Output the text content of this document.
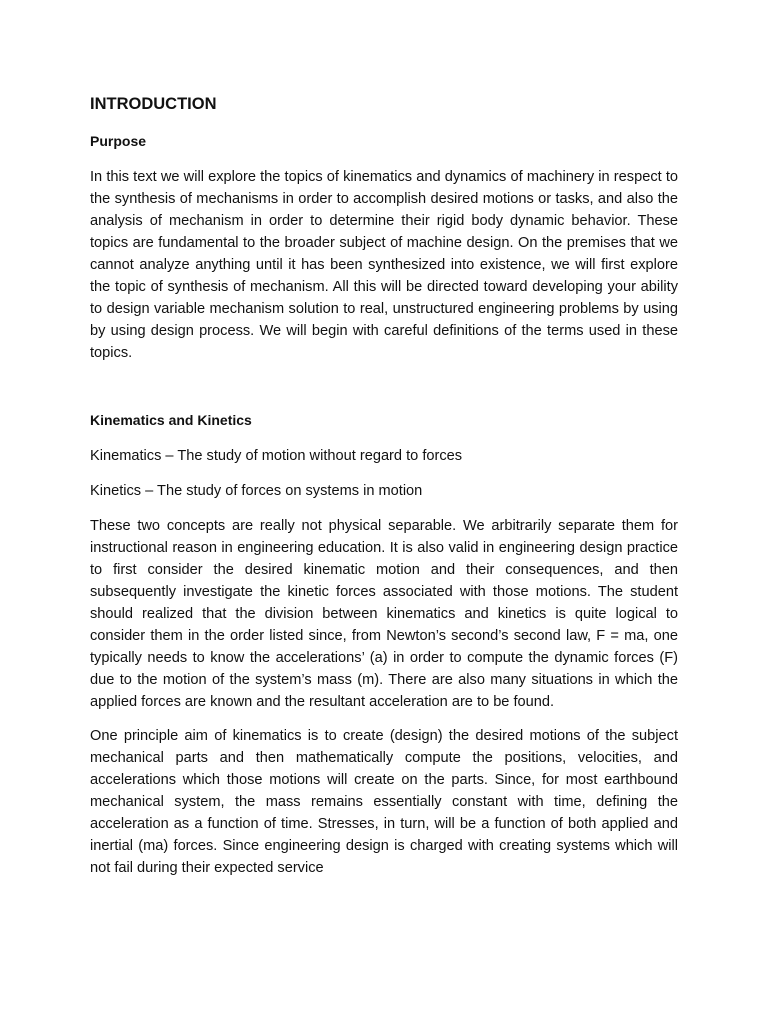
INTRODUCTION
Purpose

In this text we will explore the topics of kinematics and dynamics of machinery in respect to the synthesis of mechanisms in order to accomplish desired motions or tasks, and also the analysis of mechanism in order to determine their rigid body dynamic behavior. These topics are fundamental to the broader subject of machine design. On the premises that we cannot analyze anything until it has been synthesized into existence, we will first explore the topic of synthesis of mechanism. All this will be directed toward developing your ability to design variable mechanism solution to real, unstructured engineering problems by using by using design process. We will begin with careful definitions of the terms used in these topics.

Kinematics and Kinetics

Kinematics – The study of motion without regard to forces

Kinetics – The study of forces on systems in motion

These two concepts are really not physical separable. We arbitrarily separate them for instructional reason in engineering education. It is also valid in engineering design practice to first consider the desired kinematic motion and their consequences, and then subsequently investigate the kinetic forces associated with those motions. The student should realized that the division between kinematics and kinetics is quite logical to consider them in the order listed since, from Newton’s second’s second law, F = ma, one typically needs to know the accelerations’ (a) in order to compute the dynamic forces (F) due to the motion of the system’s mass (m). There are also many situations in which the applied forces are known and the resultant acceleration are to be found.

One principle aim of kinematics is to create (design) the desired motions of the subject mechanical parts and then mathematically compute the positions, velocities, and accelerations which those motions will create on the parts. Since, for most earthbound mechanical system, the mass remains essentially constant with time, defining the acceleration as a function of time. Stresses, in turn, will be a function of both applied and inertial (ma) forces. Since engineering design is charged with creating systems which will not fail during their expected service
